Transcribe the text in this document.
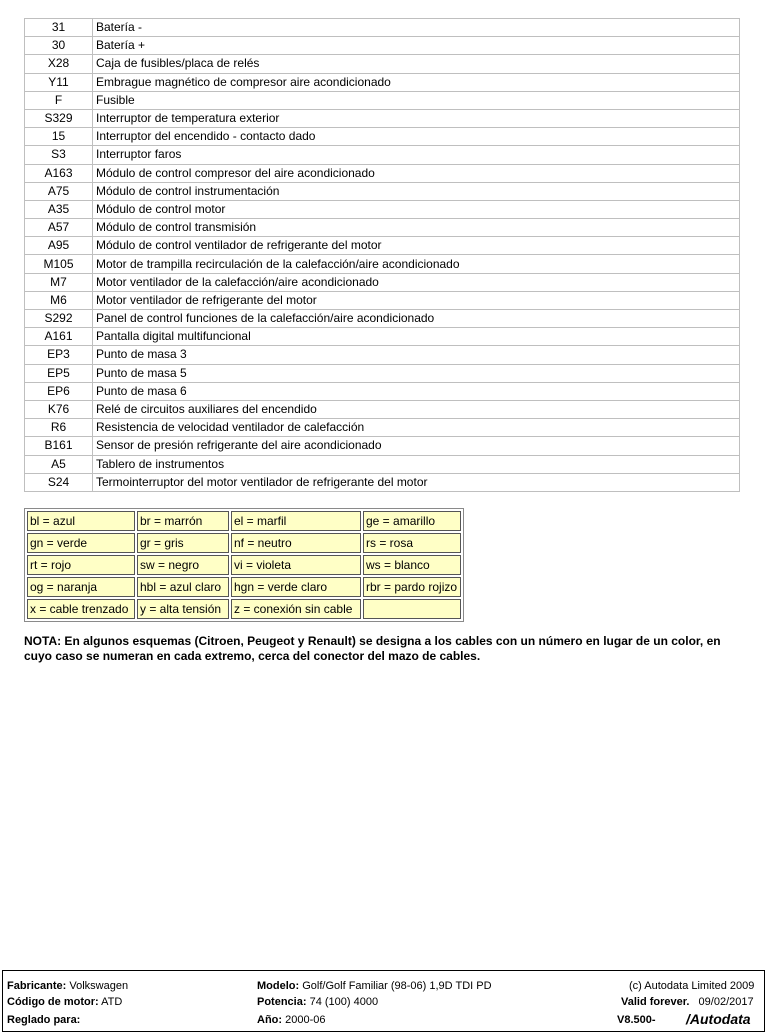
31	Batería -
30	Batería +
X28	Caja de fusibles/placa de relés
Y11	Embrague magnético de compresor aire acondicionado
F	Fusible
S329	Interruptor de temperatura exterior
15	Interruptor del encendido - contacto dado
S3	Interruptor faros
A163	Módulo de control compresor del aire acondicionado
A75	Módulo de control instrumentación
A35	Módulo de control motor
A57	Módulo de control transmisión
A95	Módulo de control ventilador de refrigerante del motor
M105	Motor de trampilla recirculación de la calefacción/aire acondicionado
M7	Motor ventilador de la calefacción/aire acondicionado
M6	Motor ventilador de refrigerante del motor
S292	Panel de control funciones de la calefacción/aire acondicionado
A161	Pantalla digital multifuncional
EP3	Punto de masa 3
EP5	Punto de masa 5
EP6	Punto de masa 6
K76	Relé de circuitos auxiliares del encendido
R6	Resistencia de velocidad ventilador de calefacción
B161	Sensor de presión refrigerante del aire acondicionado
A5	Tablero de instrumentos
S24	Termointerruptor del motor ventilador de refrigerante del motor
bl = azul	br = marrón	el = marfil	ge = amarillo
gn = verde	gr = gris	nf = neutro	rs = rosa
rt = rojo	sw = negro	vi = violeta	ws = blanco
og = naranja	hbl = azul claro	hgn = verde claro	rbr = pardo rojizo
x = cable trenzado	y = alta tensión	z = conexión sin cable	

NOTA: En algunos esquemas (Citroen, Peugeot y Renault) se designa a los cables con un número en lugar de un color, en cuyo caso se numeran en cada extremo, cerca del conector del mazo de cables.

Fabricante: Volkswagen
Código de motor: ATD
Reglado para:
Modelo: Golf/Golf Familiar (98-06) 1,9D TDI PD
Potencia: 74 (100) 4000
Año: 2000-06
(c) Autodata Limited 2009
Valid forever. 09/02/2017
V8.500- /Autodata
